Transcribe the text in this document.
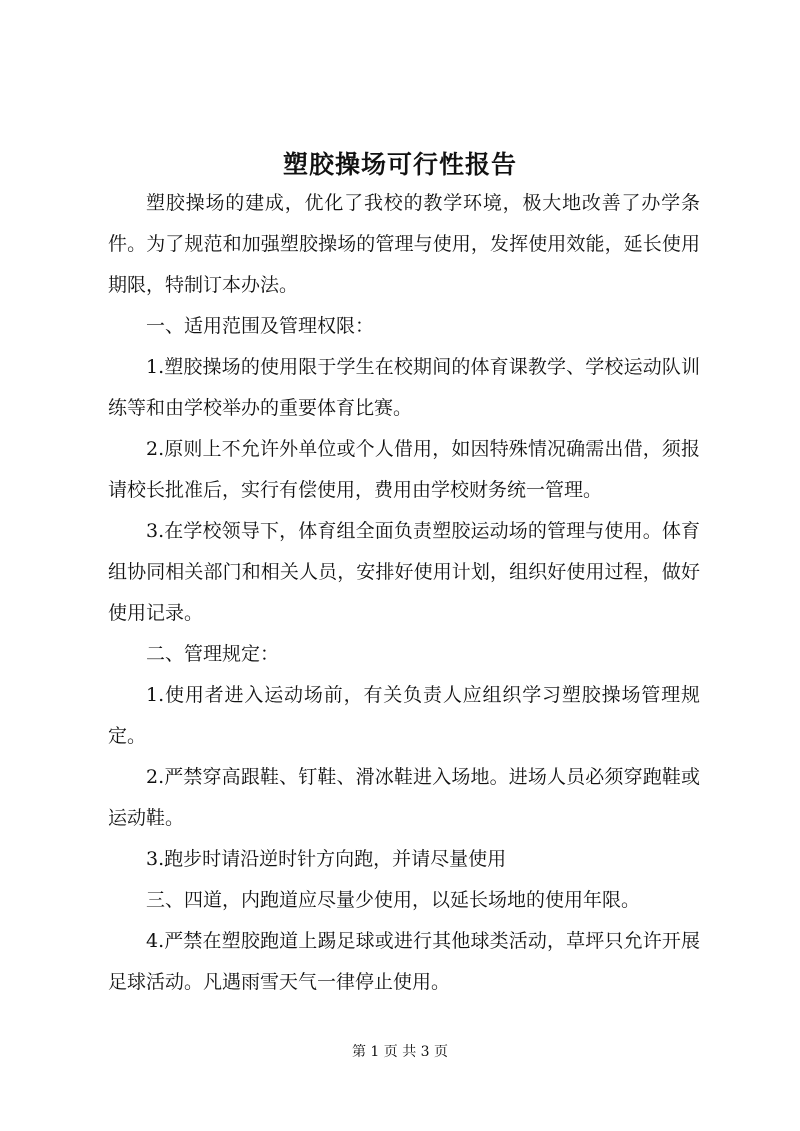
塑胶操场可行性报告

塑胶操场的建成，优化了我校的教学环境，极大地改善了办学条件。为了规范和加强塑胶操场的管理与使用，发挥使用效能，延长使用期限，特制订本办法。

一、适用范围及管理权限：

1.塑胶操场的使用限于学生在校期间的体育课教学、学校运动队训练等和由学校举办的重要体育比赛。

2.原则上不允许外单位或个人借用，如因特殊情况确需出借，须报请校长批准后，实行有偿使用，费用由学校财务统一管理。

3.在学校领导下，体育组全面负责塑胶运动场的管理与使用。体育组协同相关部门和相关人员，安排好使用计划，组织好使用过程，做好使用记录。

二、管理规定：

1.使用者进入运动场前，有关负责人应组织学习塑胶操场管理规定。

2.严禁穿高跟鞋、钉鞋、滑冰鞋进入场地。进场人员必须穿跑鞋或运动鞋。

3.跑步时请沿逆时针方向跑，并请尽量使用

三、四道，内跑道应尽量少使用，以延长场地的使用年限。

4.严禁在塑胶跑道上踢足球或进行其他球类活动，草坪只允许开展足球活动。凡遇雨雪天气一律停止使用。

第 1 页 共 3 页
